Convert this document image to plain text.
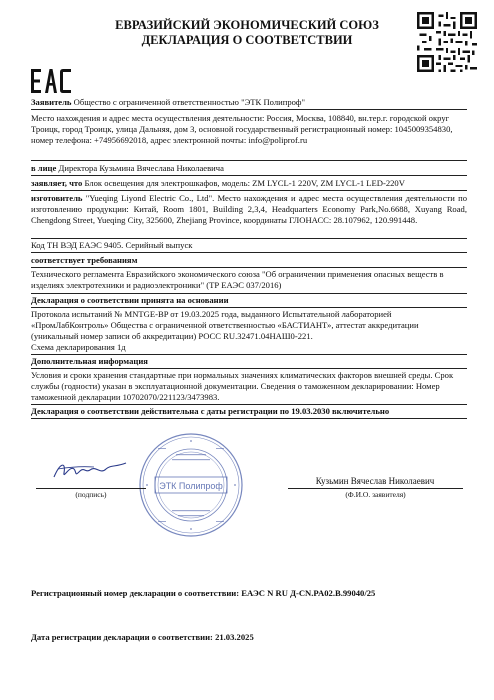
ЕВРАЗИЙСКИЙ ЭКОНОМИЧЕСКИЙ СОЮЗ
ДЕКЛАРАЦИЯ О СООТВЕТСТВИИ
Заявитель Общество с ограниченной ответственностью "ЭТК Полипроф"
Место нахождения и адрес места осуществления деятельности: Россия, Москва, 108840, вн.тер.г. городской округ Троицк, город Троицк, улица Дальняя, дом 3, основной государственный регистрационный номер: 1045009354830, номер телефона: +74956692018, адрес электронной почты: info@poliprof.ru
в лице Директора Кузьмина Вячеслава Николаевича
заявляет, что Блок освещения для электрошкафов, модель: ZM LYCL-1 220V, ZM LYCL-1 LED-220V
изготовитель "Yueqing Liyond Electric Co., Ltd". Место нахождения и адрес места осуществления деятельности по изготовлению продукции: Китай, Room 1801, Building 2,3,4, Headquarters Economy Park,No.6688, Xuyang Road, Chengdong Street, Yueqing City, 325600, Zhejiang Province, координаты ГЛОНАСС: 28.107962, 120.991448.
Код ТН ВЭД ЕАЭС 9405. Серийный выпуск
соответствует требованиям
Технического регламента Евразийского экономического союза "Об ограничении применения опасных веществ в изделиях электротехники и радиоэлектроники" (ТР ЕАЭС 037/2016)
Декларация о соответствии принята на основании
Протокола испытаний № MNTGE-BP от 19.03.2025 года, выданного Испытательной лабораторией «ПромЛабКонтроль» Общества с ограниченной ответственностью «БАСТИАНТ», аттестат аккредитации (уникальный номер записи об аккредитации) РОСС RU.32471.04НАШ0-221.
Схема декларирования 1д
Дополнительная информация
Условия и сроки хранения стандартные при нормальных значениях климатических факторов внешней среды. Срок службы (годности) указан в эксплуатационной документации. Сведения о таможенном декларировании: Номер таможенной декларации 10702070/221123/3473983.
Декларация о соответствии действительна с даты регистрации по 19.03.2030 включительно
ЭТК Полипроф
(подпись)
Кузьмин Вячеслав Николаевич
(Ф.И.О. заявителя)
Регистрационный номер декларации о соответствии: ЕАЭС N RU Д-CN.PA02.B.99040/25
Дата регистрации декларации о соответствии: 21.03.2025
